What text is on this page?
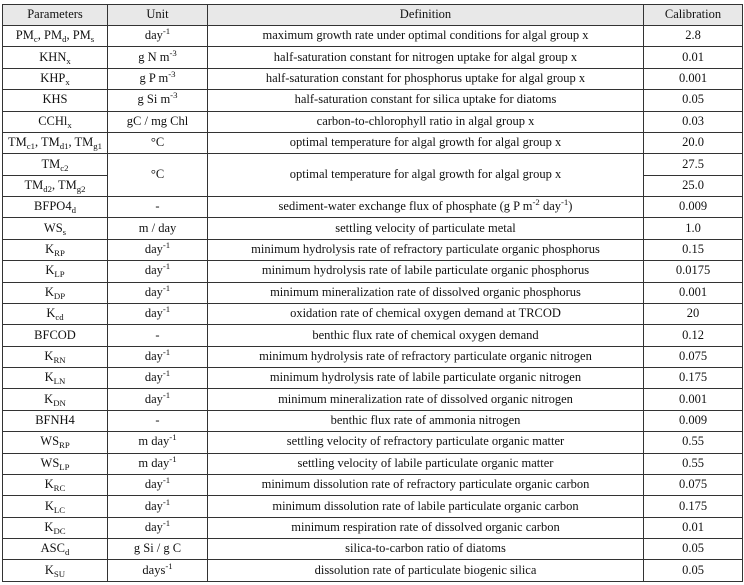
Parameters	Unit	Definition	Calibration
$PM_c$, $PM_d$, $PM_s$	day$^{-1}$	maximum growth rate under optimal conditions for algal group x	2.8
$KHN_x$	g N $m^{-3}$	half-saturation constant for nitrogen uptake for algal group x	0.01
$KHP_x$	g P $m^{-3}$	half-saturation constant for phosphorus uptake for algal group x	0.001
KHS	g Si $m^{-3}$	half-saturation constant for silica uptake for diatoms	0.05
CCHl$_x$	gC / mg Chl	carbon-to-chlorophyll ratio in algal group x	0.03
$TM_{c1}$, $TM_{d1}$, $TM_{g1}$	°C	optimal temperature for algal growth for algal group x	20.0
$TM_{c2}$	°C	optimal temperature for algal growth for algal group x	27.5
$TM_{d2}$, $TM_{g2}$			25.0
$BFPO4_d$	-	sediment-water exchange flux of phosphate (g P $m^{-2}$ day$^{-1}$)	0.009
$WS_s$	m / day	settling velocity of particulate metal	1.0
$K_{RP}$	day$^{-1}$	minimum hydrolysis rate of refractory particulate organic phosphorus	0.15
$K_{LP}$	day$^{-1}$	minimum hydrolysis rate of labile particulate organic phosphorus	0.0175
$K_{DP}$	day$^{-1}$	minimum mineralization rate of dissolved organic phosphorus	0.001
$K_{cd}$	day$^{-1}$	oxidation rate of chemical oxygen demand at TRCOD	20
BFCOD	-	benthic flux rate of chemical oxygen demand	0.12
$K_{RN}$	day$^{-1}$	minimum hydrolysis rate of refractory particulate organic nitrogen	0.075
$K_{LN}$	day$^{-1}$	minimum hydrolysis rate of labile particulate organic nitrogen	0.175
$K_{DN}$	day$^{-1}$	minimum mineralization rate of dissolved organic nitrogen	0.001
BFNH4	-	benthic flux rate of ammonia nitrogen	0.009
$WS_{RP}$	m day$^{-1}$	settling velocity of refractory particulate organic matter	0.55
$WS_{LP}$	m day$^{-1}$	settling velocity of labile particulate organic matter	0.55
$K_{RC}$	day$^{-1}$	minimum dissolution rate of refractory particulate organic carbon	0.075
$K_{LC}$	day$^{-1}$	minimum dissolution rate of labile particulate organic carbon	0.175
$K_{DC}$	day$^{-1}$	minimum respiration rate of dissolved organic carbon	0.01
$ASC_d$	g Si / g C	silica-to-carbon ratio of diatoms	0.05
$K_{SU}$	days$^{-1}$	dissolution rate of particulate biogenic silica	0.05
